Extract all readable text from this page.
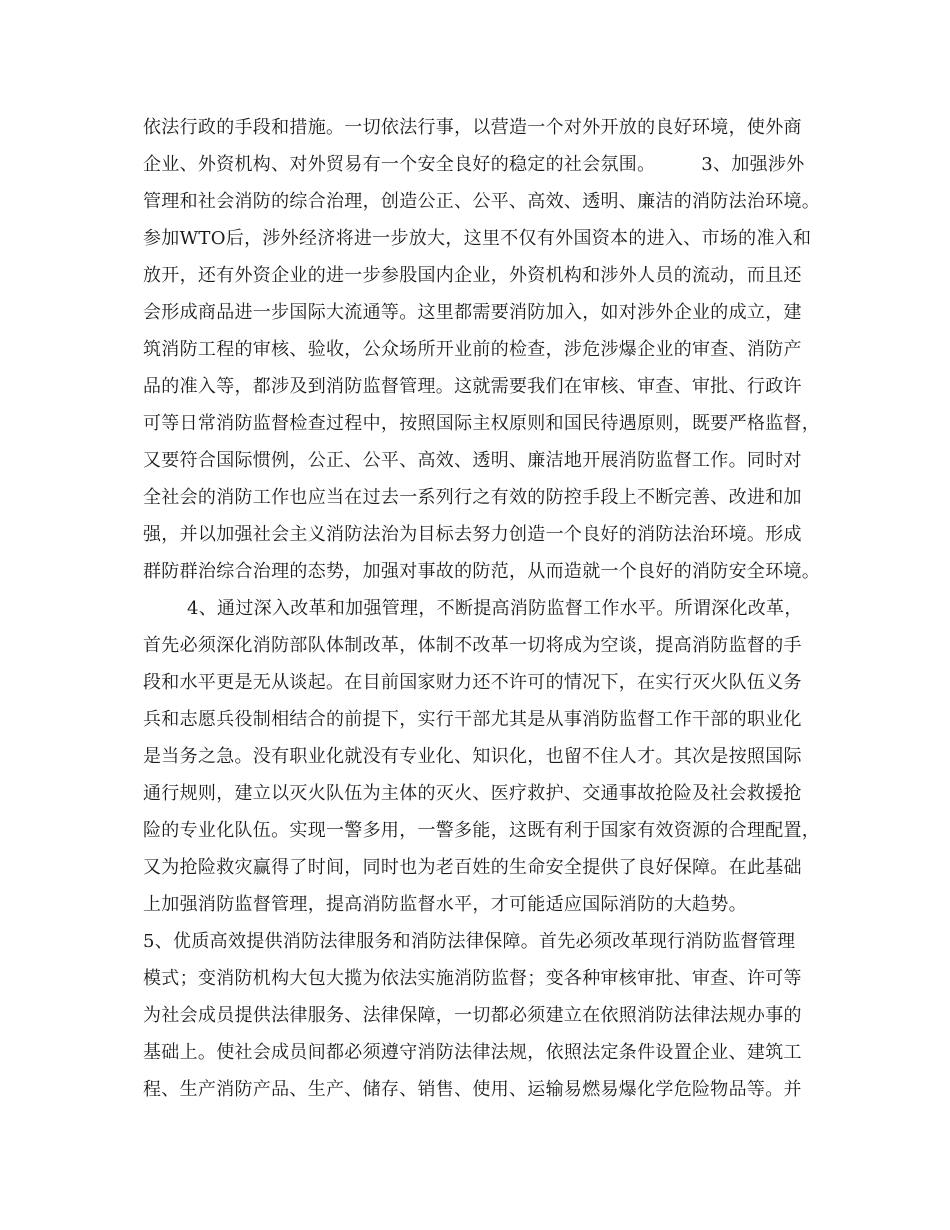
依法行政的手段和措施。一切依法行事，以营造一个对外开放的良好环境，使外商

企业、外资机构、对外贸易有一个安全良好的稳定的社会氛围。　　　3、加强涉外

管理和社会消防的综合治理，创造公正、公平、高效、透明、廉洁的消防法治环境。

参加WTO后，涉外经济将进一步放大，这里不仅有外国资本的进入、市场的准入和

放开，还有外资企业的进一步参股国内企业，外资机构和涉外人员的流动，而且还

会形成商品进一步国际大流通等。这里都需要消防加入，如对涉外企业的成立，建

筑消防工程的审核、验收，公众场所开业前的检查，涉危涉爆企业的审查、消防产

品的准入等，都涉及到消防监督管理。这就需要我们在审核、审查、审批、行政许

可等日常消防监督检查过程中，按照国际主权原则和国民待遇原则，既要严格监督，

又要符合国际惯例，公正、公平、高效、透明、廉洁地开展消防监督工作。同时对

全社会的消防工作也应当在过去一系列行之有效的防控手段上不断完善、改进和加

强，并以加强社会主义消防法治为目标去努力创造一个良好的消防法治环境。形成

群防群治综合治理的态势，加强对事故的防范，从而造就一个良好的消防安全环境。

4、通过深入改革和加强管理，不断提高消防监督工作水平。所谓深化改革，

首先必须深化消防部队体制改革，体制不改革一切将成为空谈，提高消防监督的手

段和水平更是无从谈起。在目前国家财力还不许可的情况下，在实行灭火队伍义务

兵和志愿兵役制相结合的前提下，实行干部尤其是从事消防监督工作干部的职业化

是当务之急。没有职业化就没有专业化、知识化，也留不住人才。其次是按照国际

通行规则，建立以灭火队伍为主体的灭火、医疗救护、交通事故抢险及社会救援抢

险的专业化队伍。实现一警多用，一警多能，这既有利于国家有效资源的合理配置，

又为抢险救灾赢得了时间，同时也为老百姓的生命安全提供了良好保障。在此基础

上加强消防监督管理，提高消防监督水平，才可能适应国际消防的大趋势。

5、优质高效提供消防法律服务和消防法律保障。首先必须改革现行消防监督管理

模式；变消防机构大包大揽为依法实施消防监督；变各种审核审批、审查、许可等

为社会成员提供法律服务、法律保障，一切都必须建立在依照消防法律法规办事的

基础上。使社会成员间都必须遵守消防法律法规，依照法定条件设置企业、建筑工

程、生产消防产品、生产、储存、销售、使用、运输易燃易爆化学危险物品等。并
